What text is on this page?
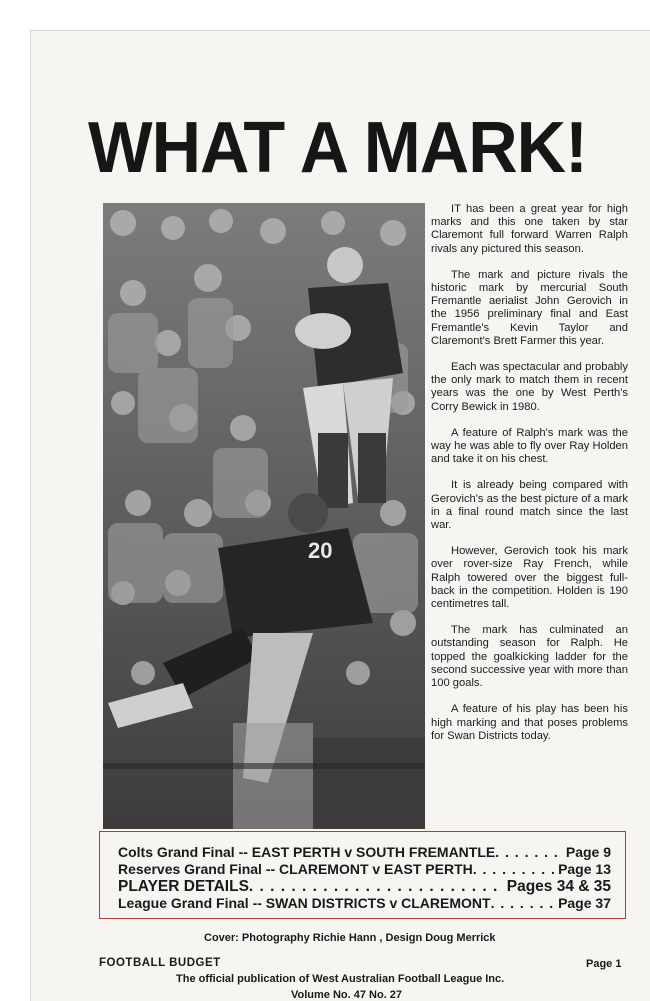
WHAT A MARK!
20

IT has been a great year for high marks and this one taken by star Claremont full forward Warren Ralph rivals any pictured this season.

The mark and picture rivals the historic mark by mercurial South Fremantle aerialist John Gerovich in the 1956 preliminary final and East Fremantle's Kevin Taylor and Claremont's Brett Farmer this year.

Each was spectacular and probably the only mark to match them in recent years was the one by West Perth's Corry Bewick in 1980.

A feature of Ralph's mark was the way he was able to fly over Ray Holden and take it on his chest.

It is already being compared with Gerovich's as the best picture of a mark in a final round match since the last war.

However, Gerovich took his mark over rover-size Ray French, while Ralph towered over the biggest full-back in the competition. Holden is 190 centimetres tall.

The mark has culminated an outstanding season for Ralph. He topped the goalkicking ladder for the second successive year with more than 100 goals.

A feature of his play has been his high marking and that poses problems for Swan Districts today.

Colts Grand Final -- EAST PERTH v SOUTH FREMANTLE . . .	Page 9
Reserves Grand Final -- CLAREMONT v EAST PERTH . . .	Page 13
PLAYER DETAILS . . .	Pages 34 & 35
League Grand Final -- SWAN DISTRICTS v CLAREMONT . . .	Page 37
Cover: Photography Richie Hann , Design Doug Merrick
FOOTBALL BUDGET	Page 1
The official publication of West Australian Football League Inc.
Volume No. 47 No. 27
